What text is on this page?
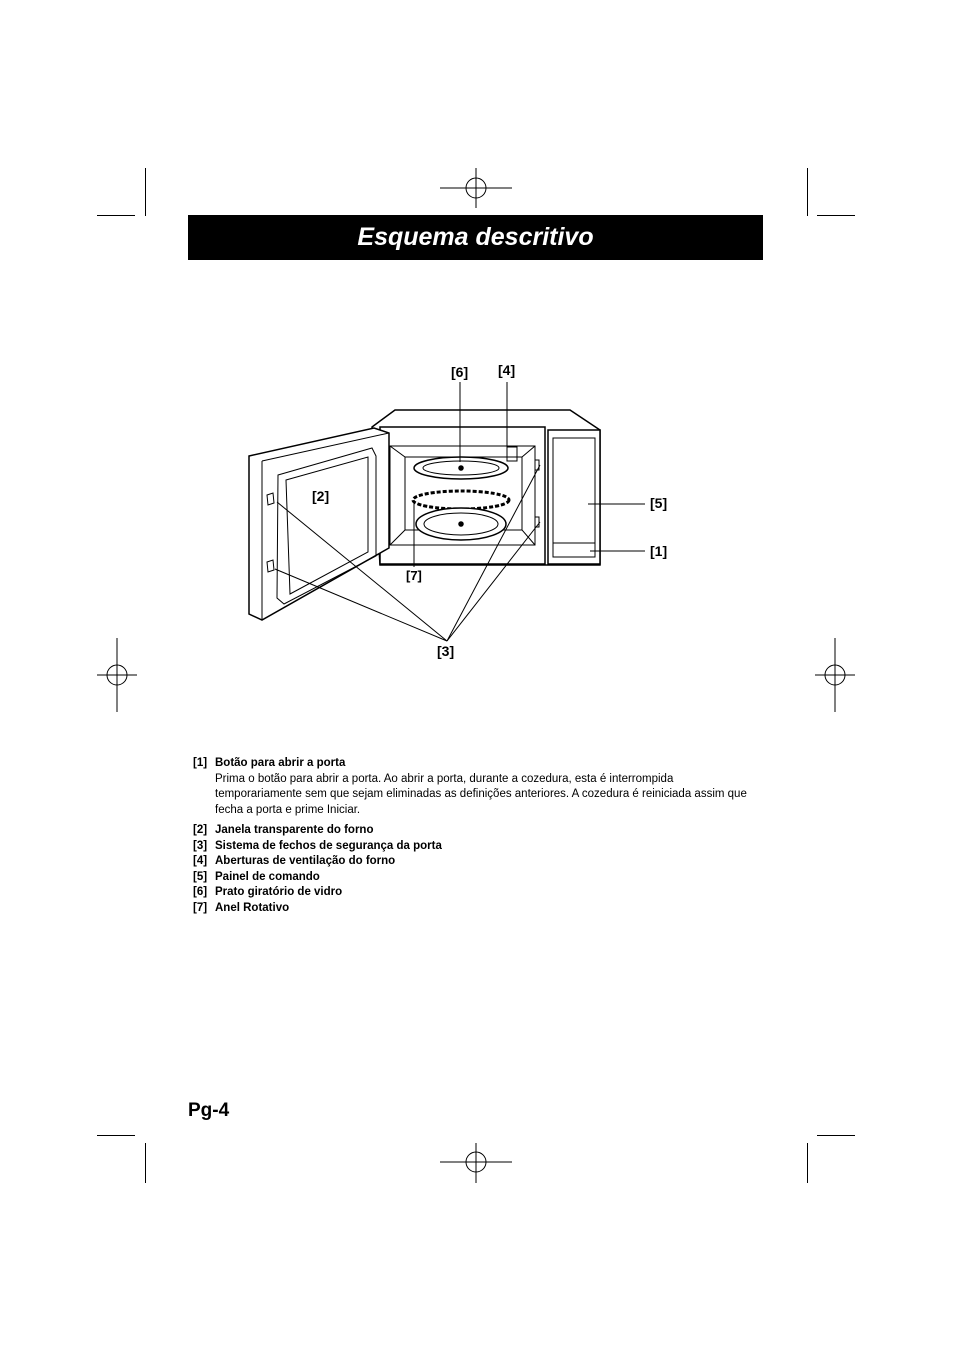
[6] [4]
[2]	[5]
[1]
[7]
[3]
Esquema descritivo
[1] Botão para abrir a porta
Prima o botão para abrir a porta. Ao abrir a porta, durante a cozedura, esta é interrompida temporariamente sem que sejam eliminadas as definições anteriores. A cozedura é reiniciada assim que fecha a porta e prime Iniciar.
[2] Janela transparente do forno
[3] Sistema de fechos de segurança da porta
[4] Aberturas de ventilação do forno
[5] Painel de comando
[6] Prato giratório de vidro
[7] Anel Rotativo
Pg-4
